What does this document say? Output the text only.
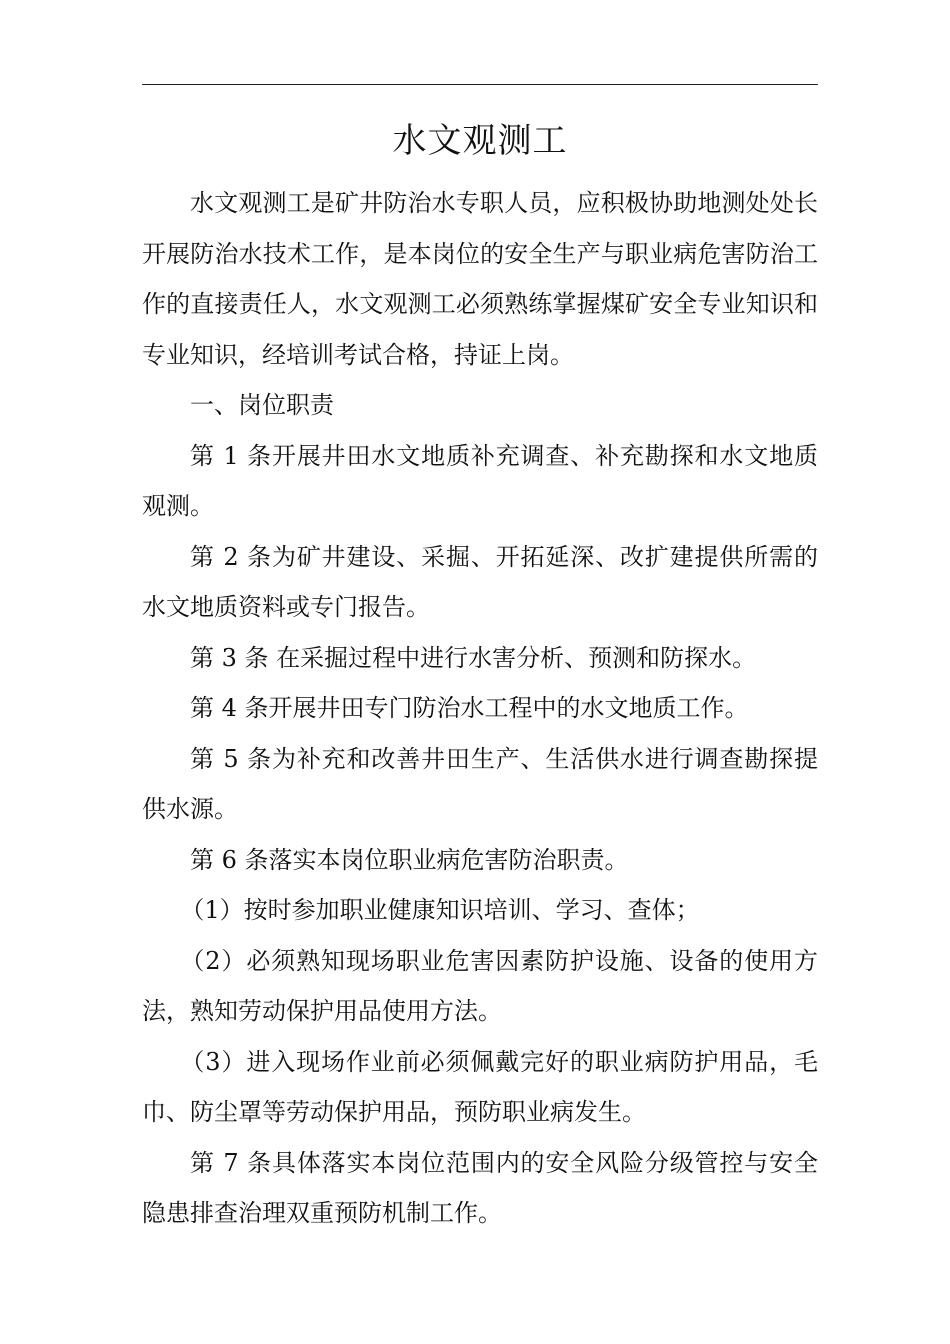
水文观测工

水文观测工是矿井防治水专职人员，应积极协助地测处处长开展防治水技术工作，是本岗位的安全生产与职业病危害防治工作的直接责任人，水文观测工必须熟练掌握煤矿安全专业知识和专业知识，经培训考试合格，持证上岗。

一、岗位职责

第 1 条开展井田水文地质补充调查、补充勘探和水文地质观测。

第 2 条为矿井建设、采掘、开拓延深、改扩建提供所需的水文地质资料或专门报告。

第 3 条 在采掘过程中进行水害分析、预测和防探水。

第 4 条开展井田专门防治水工程中的水文地质工作。

第 5 条为补充和改善井田生产、生活供水进行调查勘探提供水源。

第 6 条落实本岗位职业病危害防治职责。

（1）按时参加职业健康知识培训、学习、查体；

（2）必须熟知现场职业危害因素防护设施、设备的使用方法，熟知劳动保护用品使用方法。

（3）进入现场作业前必须佩戴完好的职业病防护用品，毛巾、防尘罩等劳动保护用品，预防职业病发生。

第 7 条具体落实本岗位范围内的安全风险分级管控与安全隐患排查治理双重预防机制工作。
